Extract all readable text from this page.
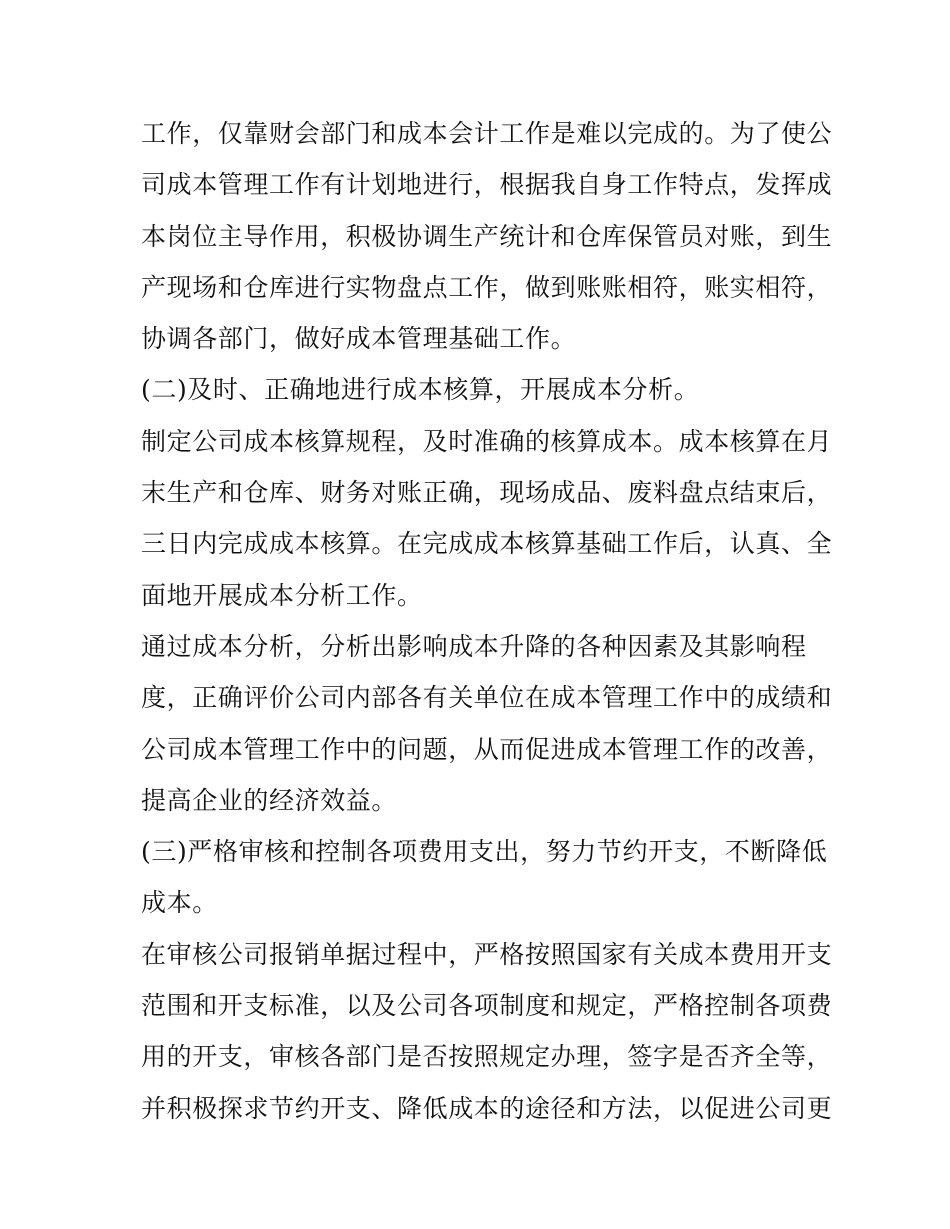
工作，仅靠财会部门和成本会计工作是难以完成的。为了使公
司成本管理工作有计划地进行，根据我自身工作特点，发挥成
本岗位主导作用，积极协调生产统计和仓库保管员对账，到生
产现场和仓库进行实物盘点工作，做到账账相符，账实相符，
协调各部门，做好成本管理基础工作。
(二)及时、正确地进行成本核算，开展成本分析。
制定公司成本核算规程，及时准确的核算成本。成本核算在月
末生产和仓库、财务对账正确，现场成品、废料盘点结束后，
三日内完成成本核算。在完成成本核算基础工作后，认真、全
面地开展成本分析工作。
通过成本分析，分析出影响成本升降的各种因素及其影响程
度，正确评价公司内部各有关单位在成本管理工作中的成绩和
公司成本管理工作中的问题，从而促进成本管理工作的改善，
提高企业的经济效益。
(三)严格审核和控制各项费用支出，努力节约开支，不断降低
成本。
在审核公司报销单据过程中，严格按照国家有关成本费用开支
范围和开支标准，以及公司各项制度和规定，严格控制各项费
用的开支，审核各部门是否按照规定办理，签字是否齐全等，
并积极探求节约开支、降低成本的途径和方法，以促进公司更
